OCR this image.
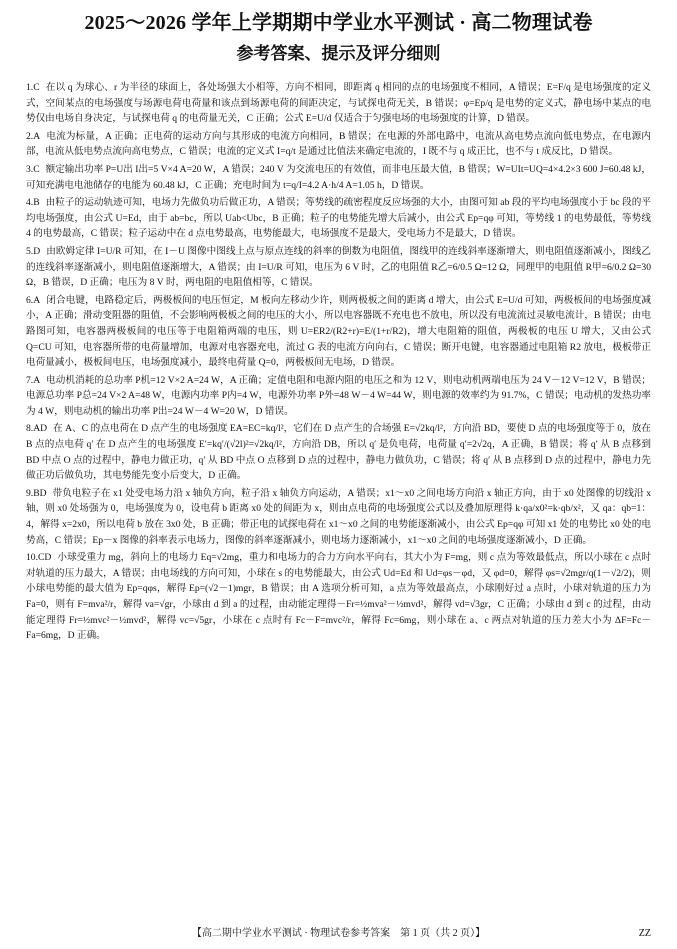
2025～2026 学年上学期期中学业水平测试 · 高二物理试卷
参考答案、提示及评分细则

1.C 在以 q 为球心、r 为半径的球面上，各处场强大小相等，方向不相同，即距离 q 相同的点的电场强度不相同，A 错误；E=F/q 是电场强度的定义式，空间某点的电场强度与场源电荷电荷量和该点到场源电荷的间距决定，与试探电荷无关，B 错误；φ=Ep/q 是电势的定义式，静电场中某点的电势仅由电场自身决定，与试探电荷 q 的电荷量无关，C 正确；公式 E=U/d 仅适合于匀强电场的电场强度的计算，D 错误。

2.A 电流为标量，A 正确；正电荷的运动方向与其形成的电流方向相同，B 错误；在电源的外部电路中，电流从高电势点流向低电势点，在电源内部，电流从低电势点流向高电势点，C 错误；电流的定义式 I=q/t 是通过比值法来确定电流的，I 既不与 q 成正比，也不与 t 成反比，D 错误。

3.C 额定输出功率 P=U出 I出=5 V×4 A=20 W，A 错误；240 V 为交流电压的有效值，而非电压最大值，B 错误；W=UIt=UQ=4×4.2×3 600 J=60.48 kJ，可知充满电电池储存的电能为 60.48 kJ，C 正确；充电时间为 t=q/I=4.2 A·h/4 A=1.05 h，D 错误。

4.B 由粒子的运动轨迹可知，电场力先做负功后做正功，A 错误；等势线的疏密程度反应场强的大小，由图可知 ab 段的平均电场强度小于 bc 段的平均电场强度，由公式 U=Ed，由于 ab=bc，所以 Uab<Ubc，B 正确；粒子的电势能先增大后减小，由公式 Ep=qφ 可知，等势线 1 的电势最低，等势线 4 的电势最高，C 错误；粒子运动中在 d 点电势最高，电势能最大，电场强度不是最大，受电场力不是最大，D 错误。

5.D 由欧姆定律 I=U/R 可知，在 I－U 图像中图线上点与原点连线的斜率的倒数为电阻值，图线甲的连线斜率逐渐增大，则电阻值逐渐减小，图线乙的连线斜率逐渐减小，则电阻值逐渐增大，A 错误；由 I=U/R 可知，电压为 6 V 时，乙的电阻值 R乙=6/0.5 Ω=12 Ω，同理甲的电阻值 R甲=6/0.2 Ω=30 Ω，B 错误，D 正确；电压为 8 V 时，两电阻的电阻值相等，C 错误。

6.A 闭合电键，电路稳定后，两极板间的电压恒定，M 板向左移动少许，则两极板之间的距离 d 增大，由公式 E=U/d 可知，两极板间的电场强度减小，A 正确；滑动变阻器的阻值，不会影响两极板之间的电压的大小，所以电容器既不充电也不放电，所以没有电流流过灵敏电流计，B 错误；由电路图可知，电容器两极板间的电压等于电阻箱两端的电压，则 U=ER2/(R2+r)=E/(1+r/R2)，增大电阻箱的阻值，两极板的电压 U 增大，又由公式 Q=CU 可知，电容器所带的电荷量增加，电源对电容器充电，流过 G 表的电流方向向右，C 错误；断开电键，电容器通过电阻箱 R2 放电，极板带正电荷量减小，极板间电压，电场强度减小，最终电荷量 Q=0，两极板间无电场，D 错误。

7.A 电动机消耗的总功率 P机=12 V×2 A=24 W，A 正确；定值电阻和电源内阻的电压之和为 12 V，则电动机两端电压为 24 V－12 V=12 V，B 错误；电源总功率 P总=24 V×2 A=48 W，电源内功率 P内=4 W，电源外功率 P外=48 W－4 W=44 W，则电源的效率约为 91.7%，C 错误；电动机的发热功率为 4 W，则电动机的输出功率 P出=24 W－4 W=20 W，D 错误。

8.AD 在 A、C 的点电荷在 D 点产生的电场强度 EA=EC=kq/l²，它们在 D 点产生的合场强 E=√2kq/l²，方向沿 BD，要使 D 点的电场强度等于 0，放在 B 点的点电荷 q′ 在 D 点产生的电场强度 E′=kq′/(√2l)²=√2kq/l²，方向沿 DB，所以 q′ 是负电荷，电荷量 q′=2√2q，A 正确，B 错误；将 q′ 从 B 点移到 BD 中点 O 点的过程中，静电力做正功，q′ 从 BD 中点 O 点移到 D 点的过程中，静电力做负功，C 错误；将 q′ 从 B 点移到 D 点的过程中，静电力先做正功后做负功，其电势能先变小后变大，D 正确。

9.BD 带负电粒子在 x1 处受电场力沿 x 轴负方向，粒子沿 x 轴负方向运动，A 错误；x1～x0 之间电场方向沿 x 轴正方向，由于 x0 处图像的切线沿 x 轴，则 x0 处场强为 0，电场强度为 0，设电荷 b 距离 x0 处的间距为 x，则由点电荷的电场强度公式以及叠加原理得 k·qa/x0²=k·qb/x²，又 qa：qb=1：4，解得 x=2x0，所以电荷 b 放在 3x0 处，B 正确；带正电的试探电荷在 x1～x0 之间的电势能逐渐减小，由公式 Ep=qφ 可知 x1 处的电势比 x0 处的电势高，C 错误；Ep－x 图像的斜率表示电场力，图像的斜率逐渐减小，则电场力逐渐减小，x1～x0 之间的电场强度逐渐减小，D 正确。

10.CD 小球受重力 mg，斜向上的电场力 Eq=√2mg，重力和电场力的合力方向水平向右，其大小为 F=mg，则 c 点为等效最低点，所以小球在 c 点时对轨道的压力最大，A 错误；由电场线的方向可知，小球在 s 的电势能最大，由公式 Ud=Ed 和 Ud=φs－φd，又 φd=0，解得 φs=√2mgr/q(1－√2/2)，则小球电势能的最大值为 Ep=qφs，解得 Ep=(√2－1)mgr，B 错误；由 A 选项分析可知，a 点为等效最高点，小球刚好过 a 点时，小球对轨道的压力为 Fa=0，则有 F=mva²/r，解得 va=√gr，小球由 d 到 a 的过程，由动能定理得－Fr=½mva²－½mvd²，解得 vd=√3gr，C 正确；小球由 d 到 c 的过程，由动能定理得 Fr=½mvc²－½mvd²，解得 vc=√5gr，小球在 c 点时有 Fc－F=mvc²/r，解得 Fc=6mg，则小球在 a、c 两点对轨道的压力差大小为 ΔF=Fc－Fa=6mg，D 正确。

【高二期中学业水平测试 · 物理试卷参考答案　第 1 页（共 2 页）】	ZZ
